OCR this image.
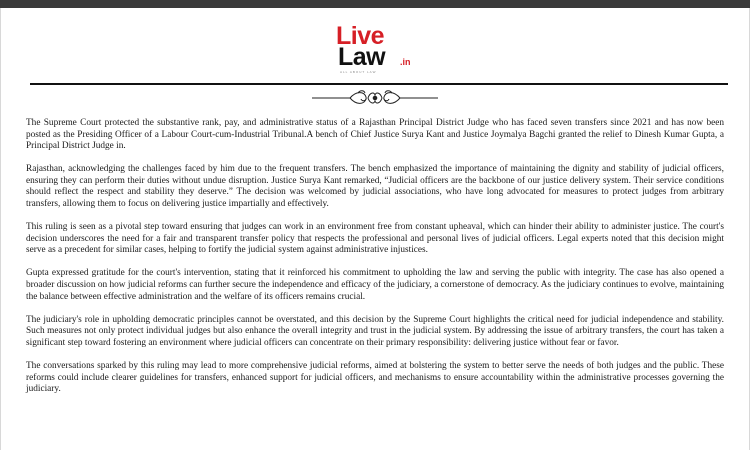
Live
Law .in
ALL ABOUT LAW

The Supreme Court protected the substantive rank, pay, and administrative status of a Rajasthan Principal District Judge who has faced seven transfers since 2021 and has now been posted as the Presiding Officer of a Labour Court-cum-Industrial Tribunal.A bench of Chief Justice Surya Kant and Justice Joymalya Bagchi granted the relief to Dinesh Kumar Gupta, a Principal District Judge in.

Rajasthan, acknowledging the challenges faced by him due to the frequent transfers. The bench emphasized the importance of maintaining the dignity and stability of judicial officers, ensuring they can perform their duties without undue disruption. Justice Surya Kant remarked, “Judicial officers are the backbone of our justice delivery system. Their service conditions should reflect the respect and stability they deserve.” The decision was welcomed by judicial associations, who have long advocated for measures to protect judges from arbitrary transfers, allowing them to focus on delivering justice impartially and effectively.

This ruling is seen as a pivotal step toward ensuring that judges can work in an environment free from constant upheaval, which can hinder their ability to administer justice. The court's decision underscores the need for a fair and transparent transfer policy that respects the professional and personal lives of judicial officers. Legal experts noted that this decision might serve as a precedent for similar cases, helping to fortify the judicial system against administrative injustices.

Gupta expressed gratitude for the court's intervention, stating that it reinforced his commitment to upholding the law and serving the public with integrity. The case has also opened a broader discussion on how judicial reforms can further secure the independence and efficacy of the judiciary, a cornerstone of democracy. As the judiciary continues to evolve, maintaining the balance between effective administration and the welfare of its officers remains crucial.

The judiciary's role in upholding democratic principles cannot be overstated, and this decision by the Supreme Court highlights the critical need for judicial independence and stability. Such measures not only protect individual judges but also enhance the overall integrity and trust in the judicial system. By addressing the issue of arbitrary transfers, the court has taken a significant step toward fostering an environment where judicial officers can concentrate on their primary responsibility: delivering justice without fear or favor.

The conversations sparked by this ruling may lead to more comprehensive judicial reforms, aimed at bolstering the system to better serve the needs of both judges and the public. These reforms could include clearer guidelines for transfers, enhanced support for judicial officers, and mechanisms to ensure accountability within the administrative processes governing the judiciary.
